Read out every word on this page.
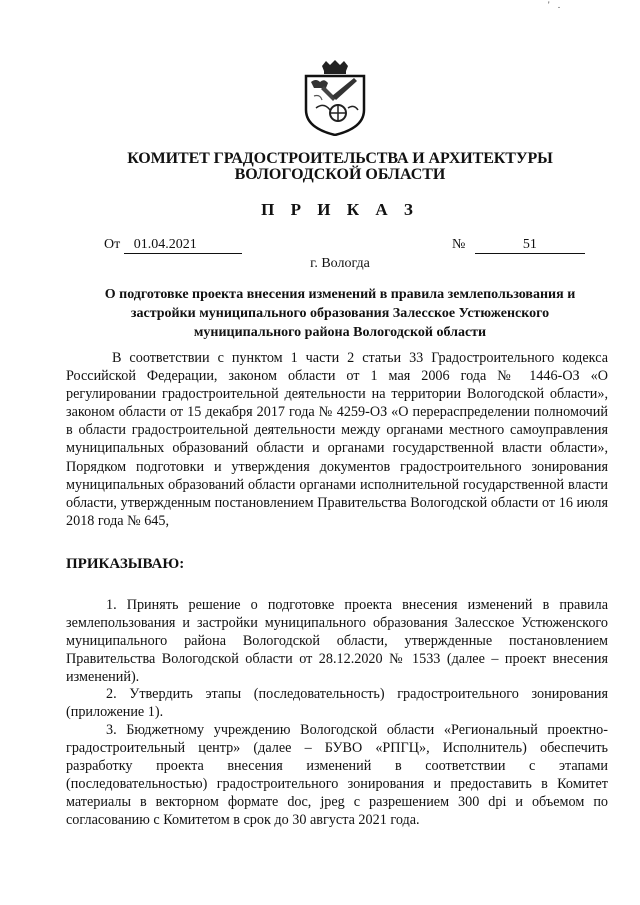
' .
КОМИТЕТ ГРАДОСТРОИТЕЛЬСТВА И АРХИТЕКТУРЫ
ВОЛОГОДСКОЙ ОБЛАСТИ
П Р И К А З
От 01.04.2021	№	51
г. Вологда
О подготовке проекта внесения изменений в правила землепользования и
застройки муниципального образования Залесское Устюженского
муниципального района Вологодской области
В соответствии с пунктом 1 части 2 статьи 33 Градостроительного кодекса Российской Федерации, законом области от 1 мая 2006 года № 1446-ОЗ «О регулировании градостроительной деятельности на территории Вологодской области», законом области от 15 декабря 2017 года № 4259-ОЗ «О перераспределении полномочий в области градостроительной деятельности между органами местного самоуправления муниципальных образований области и органами государственной власти области», Порядком подготовки и утверждения документов градостроительного зонирования муниципальных образований области органами исполнительной государственной власти области, утвержденным постановлением Правительства Вологодской области от 16 июля 2018 года № 645,
ПРИКАЗЫВАЮ:
1. Принять решение о подготовке проекта внесения изменений в правила землепользования и застройки муниципального образования Залесское Устюженского муниципального района Вологодской области, утвержденные постановлением Правительства Вологодской области от 28.12.2020 № 1533 (далее – проект внесения изменений).
2. Утвердить этапы (последовательность) градостроительного зонирования (приложение 1).
3. Бюджетному учреждению Вологодской области «Региональный проектно-градостроительный центр» (далее – БУВО «РПГЦ», Исполнитель) обеспечить разработку проекта внесения изменений в соответствии с этапами (последовательностью) градостроительного зонирования и предоставить в Комитет материалы в векторном формате doc, jpeg с разрешением 300 dpi и объемом по согласованию с Комитетом в срок до 30 августа 2021 года.
